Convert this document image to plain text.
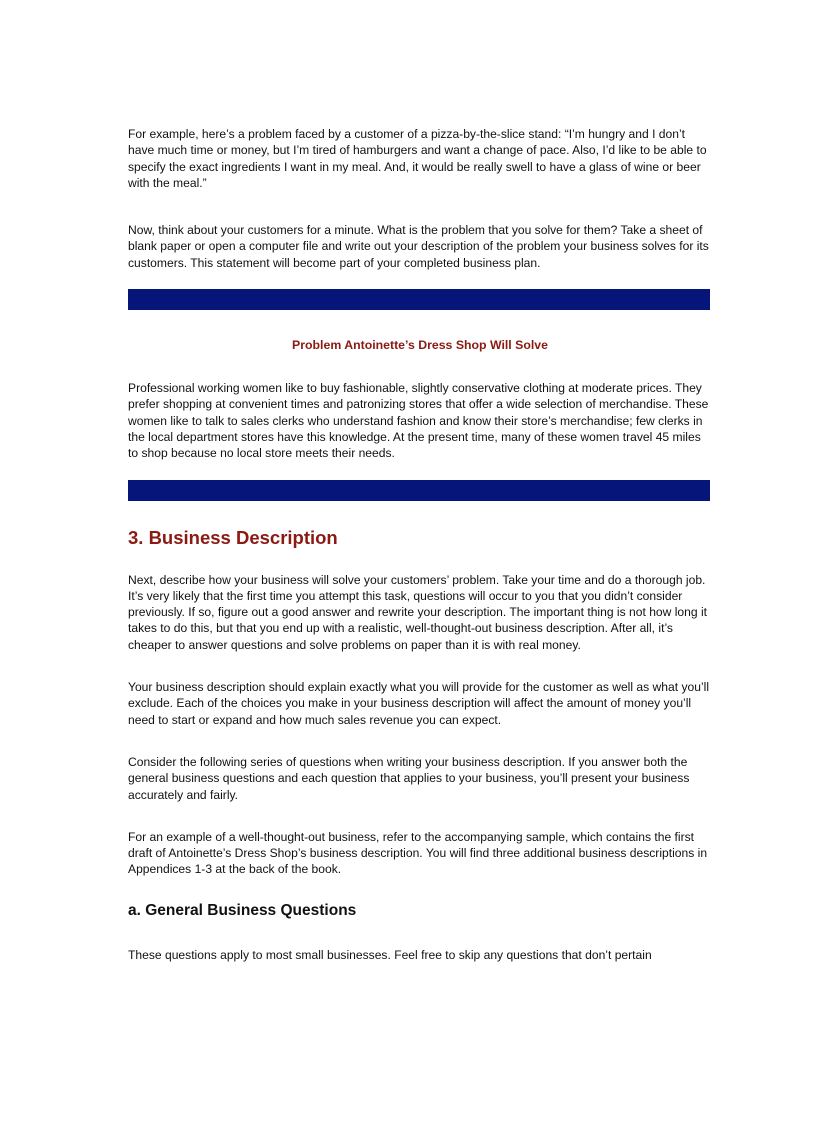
For example, here’s a problem faced by a customer of a pizza-by-the-slice stand: “I’m hungry and I don’t have much time or money, but I’m tired of hamburgers and want a change of pace. Also, I’d like to be able to specify the exact ingredients I want in my meal. And, it would be really swell to have a glass of wine or beer with the meal.”

Now, think about your customers for a minute. What is the problem that you solve for them? Take a sheet of blank paper or open a computer file and write out your description of the problem your business solves for its customers. This statement will become part of your completed business plan.

Problem Antoinette’s Dress Shop Will Solve

Professional working women like to buy fashionable, slightly conservative clothing at moderate prices. They prefer shopping at convenient times and patronizing stores that offer a wide selection of merchandise. These women like to talk to sales clerks who understand fashion and know their store’s merchandise; few clerks in the local department stores have this knowledge. At the present time, many of these women travel 45 miles to shop because no local store meets their needs.

3. Business Description

Next, describe how your business will solve your customers’ problem. Take your time and do a thorough job. It’s very likely that the first time you attempt this task, questions will occur to you that you didn’t consider previously. If so, figure out a good answer and rewrite your description. The important thing is not how long it takes to do this, but that you end up with a realistic, well-thought-out business description. After all, it’s cheaper to answer questions and solve problems on paper than it is with real money.

Your business description should explain exactly what you will provide for the customer as well as what you’ll exclude. Each of the choices you make in your business description will affect the amount of money you’ll need to start or expand and how much sales revenue you can expect.

Consider the following series of questions when writing your business description. If you answer both the general business questions and each question that applies to your business, you’ll present your business accurately and fairly.

For an example of a well-thought-out business, refer to the accompanying sample, which contains the first draft of Antoinette’s Dress Shop’s business description. You will find three additional business descriptions in Appendices 1-3 at the back of the book.

a. General Business Questions

These questions apply to most small businesses. Feel free to skip any questions that don’t pertain
